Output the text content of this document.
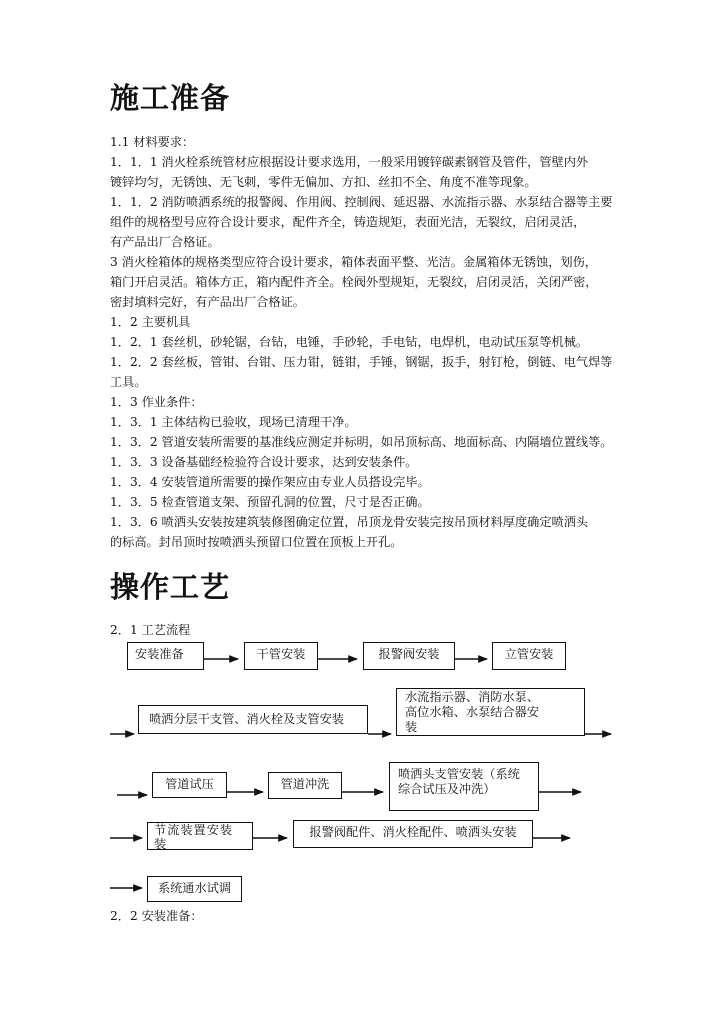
施工准备
1.1 材料要求：
1．1．1 消火栓系统管材应根据设计要求选用，一般采用镀锌碳素钢管及管件，管壁内外
镀锌均匀，无锈蚀、无飞刺，零件无偏加、方扣、丝扣不全、角度不准等现象。
1．1．2 消防喷洒系统的报警阀、作用阀、控制阀、延迟器、水流指示器、水泵结合器等主要
组件的规格型号应符合设计要求，配件齐全，铸造规矩，表面光洁，无裂纹，启闭灵活，
有产品出厂合格证。
3 消火栓箱体的规格类型应符合设计要求，箱体表面平整、光洁。金属箱体无锈蚀，划伤，
箱门开启灵活。箱体方正，箱内配件齐全。栓阀外型规矩，无裂纹，启闭灵活，关闭严密，
密封填料完好，有产品出厂合格证。
1．2 主要机具
1．2．1 套丝机，砂轮锯，台钻，电锤，手砂轮，手电钻，电焊机，电动试压泵等机械。
1．2．2 套丝板，管钳、台钳、压力钳，链钳，手锤，钢锯，扳手，射钉枪，倒链、电气焊等
工具。
1．3 作业条件：
1．3．1 主体结构已验收，现场已清理干净。
1．3．2 管道安装所需要的基准线应测定并标明，如吊顶标高、地面标高、内隔墙位置线等。
1．3．3 设备基础经检验符合设计要求，达到安装条件。
1．3．4 安装管道所需要的操作架应由专业人员搭设完毕。
1．3．5 检查管道支架、预留孔洞的位置，尺寸是否正确。
1．3．6 喷洒头安装按建筑装修图确定位置，吊顶龙骨安装完按吊顶材料厚度确定喷洒头
的标高。封吊顶时按喷洒头预留口位置在顶板上开孔。
操作工艺
2．1 工艺流程
安装准备	干管安装	报警阀安装	立管安装
喷洒分层干支管、消火栓及支管安装
水流指示器、消防水泵、
高位水箱、水泵结合器安
装
管道试压	管道冲洗
喷洒头支管安装（系统
综合试压及冲洗）
节流装置安装
装
报警阀配件、消火栓配件、喷洒头安装
系统通水试调
2．2 安装准备：
